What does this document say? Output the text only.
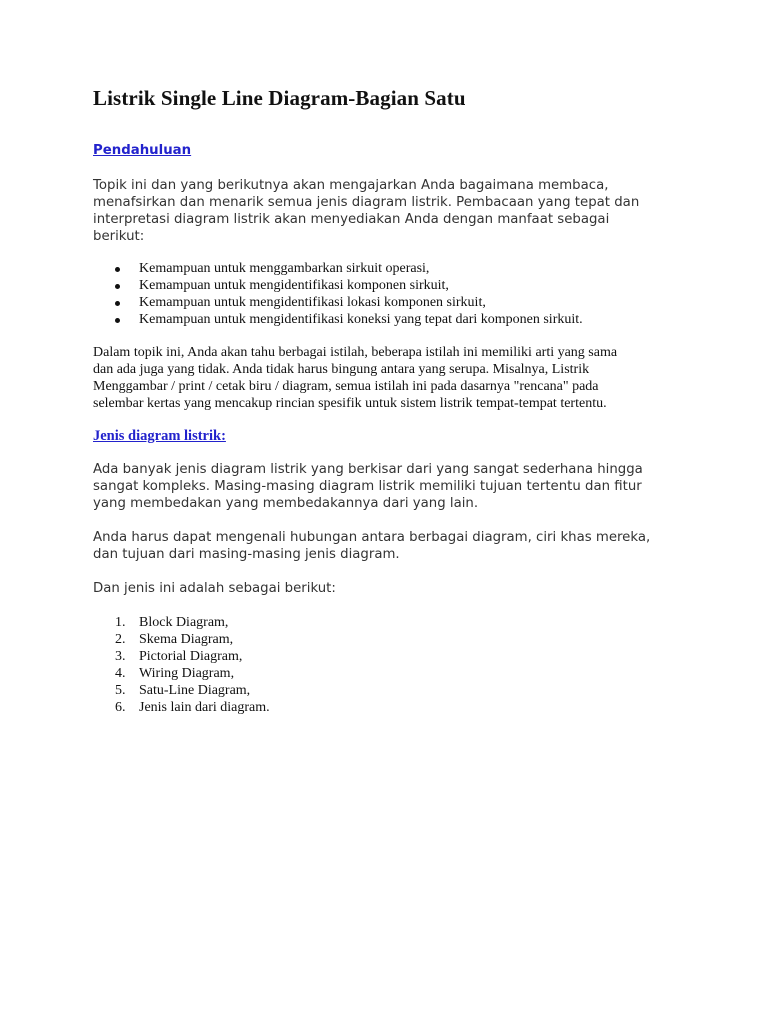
Listrik Single Line Diagram-Bagian Satu
Pendahuluan

Topik ini dan yang berikutnya akan mengajarkan Anda bagaimana membaca,

menafsirkan dan menarik semua jenis diagram listrik. Pembacaan yang tepat dan

interpretasi diagram listrik akan menyediakan Anda dengan manfaat sebagai

berikut:

Kemampuan untuk menggambarkan sirkuit operasi,
Kemampuan untuk mengidentifikasi komponen sirkuit,
Kemampuan untuk mengidentifikasi lokasi komponen sirkuit,
Kemampuan untuk mengidentifikasi koneksi yang tepat dari komponen sirkuit.

Dalam topik ini, Anda akan tahu berbagai istilah, beberapa istilah ini memiliki arti yang sama

dan ada juga yang tidak. Anda tidak harus bingung antara yang serupa. Misalnya, Listrik

Menggambar / print / cetak biru / diagram, semua istilah ini pada dasarnya "rencana" pada

selembar kertas yang mencakup rincian spesifik untuk sistem listrik tempat-tempat tertentu.

Jenis diagram listrik:

Ada banyak jenis diagram listrik yang berkisar dari yang sangat sederhana hingga

sangat kompleks. Masing-masing diagram listrik memiliki tujuan tertentu dan fitur

yang membedakan yang membedakannya dari yang lain.

Anda harus dapat mengenali hubungan antara berbagai diagram, ciri khas mereka,

dan tujuan dari masing-masing jenis diagram.

Dan jenis ini adalah sebagai berikut:

1. Block Diagram,
2. Skema Diagram,
3. Pictorial Diagram,
4. Wiring Diagram,
5. Satu-Line Diagram,
6. Jenis lain dari diagram.
